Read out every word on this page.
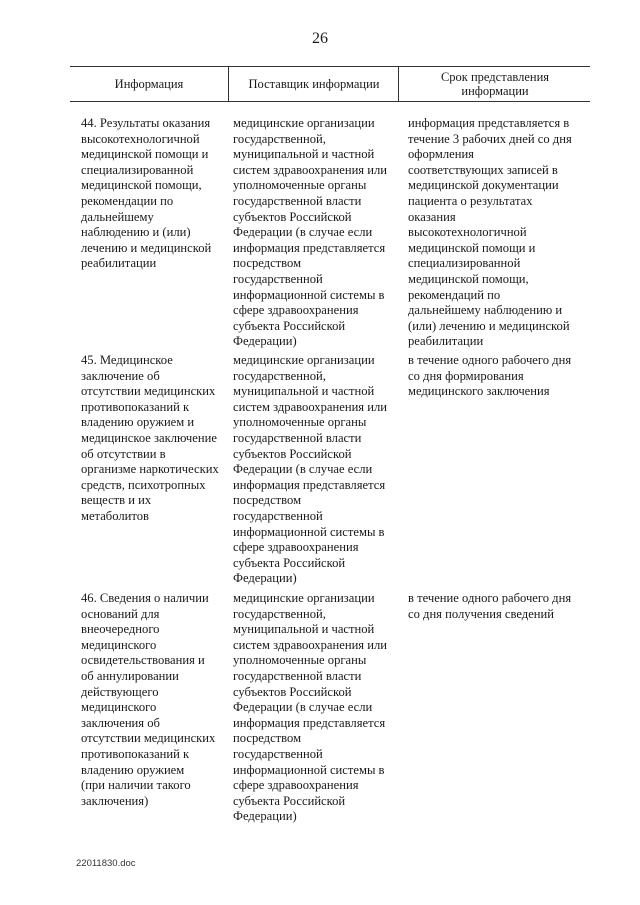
26
Информация	Поставщик информации	Срок представления
информации
44. Результаты оказания
высокотехнологичной
медицинской помощи и
специализированной
медицинской помощи,
рекомендации по
дальнейшему
наблюдению и (или)
лечению и медицинской
реабилитации
медицинские организации
государственной,
муниципальной и частной
систем здравоохранения или
уполномоченные органы
государственной власти
субъектов Российской
Федерации (в случае если
информация представляется
посредством
государственной
информационной системы в
сфере здравоохранения
субъекта Российской
Федерации)
информация представляется в
течение 3 рабочих дней со дня
оформления
соответствующих записей в
медицинской документации
пациента о результатах
оказания
высокотехнологичной
медицинской помощи и
специализированной
медицинской помощи,
рекомендаций по
дальнейшему наблюдению и
(или) лечению и медицинской
реабилитации
45. Медицинское
заключение об
отсутствии медицинских
противопоказаний к
владению оружием и
медицинское заключение
об отсутствии в
организме наркотических
средств, психотропных
веществ и их
метаболитов
медицинские организации
государственной,
муниципальной и частной
систем здравоохранения или
уполномоченные органы
государственной власти
субъектов Российской
Федерации (в случае если
информация представляется
посредством
государственной
информационной системы в
сфере здравоохранения
субъекта Российской
Федерации)
в течение одного рабочего дня
со дня формирования
медицинского заключения
46. Сведения о наличии
оснований для
внеочередного
медицинского
освидетельствования и
об аннулировании
действующего
медицинского
заключения об
отсутствии медицинских
противопоказаний к
владению оружием
(при наличии такого
заключения)
медицинские организации
государственной,
муниципальной и частной
систем здравоохранения или
уполномоченные органы
государственной власти
субъектов Российской
Федерации (в случае если
информация представляется
посредством
государственной
информационной системы в
сфере здравоохранения
субъекта Российской
Федерации)
в течение одного рабочего дня
со дня получения сведений
22011830.doc
